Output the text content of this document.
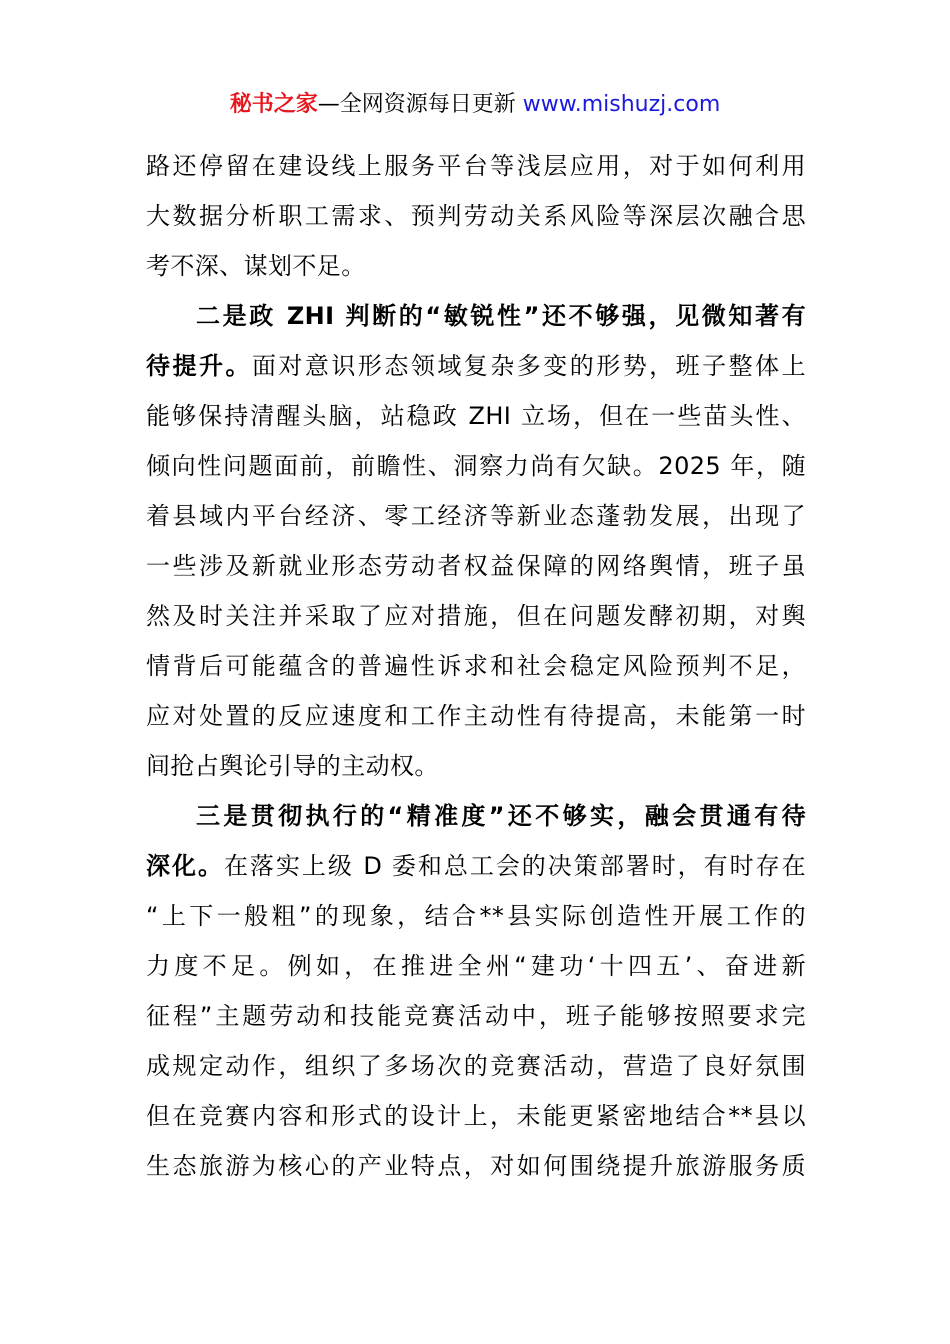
秘书之家—全网资源每日更新 www.mishuzj.com
路还停留在建设线上服务平台等浅层应用，对于如何利用
大数据分析职工需求、预判劳动关系风险等深层次融合思
考不深、谋划不足。
二是政 ZHI 判断的“敏锐性”还不够强，见微知著有
待提升。面对意识形态领域复杂多变的形势，班子整体上
能够保持清醒头脑，站稳政 ZHI 立场，但在一些苗头性、
倾向性问题面前，前瞻性、洞察力尚有欠缺。2025 年，随
着县域内平台经济、零工经济等新业态蓬勃发展，出现了
一些涉及新就业形态劳动者权益保障的网络舆情，班子虽
然及时关注并采取了应对措施，但在问题发酵初期，对舆
情背后可能蕴含的普遍性诉求和社会稳定风险预判不足，
应对处置的反应速度和工作主动性有待提高，未能第一时
间抢占舆论引导的主动权。
三是贯彻执行的“精准度”还不够实，融会贯通有待
深化。在落实上级 D 委和总工会的决策部署时，有时存在
“上下一般粗”的现象，结合**县实际创造性开展工作的
力度不足。例如，在推进全州“建功‘十四五’、奋进新
征程”主题劳动和技能竞赛活动中，班子能够按照要求完
成规定动作，组织了多场次的竞赛活动，营造了良好氛围
但在竞赛内容和形式的设计上，未能更紧密地结合**县以
生态旅游为核心的产业特点，对如何围绕提升旅游服务质
